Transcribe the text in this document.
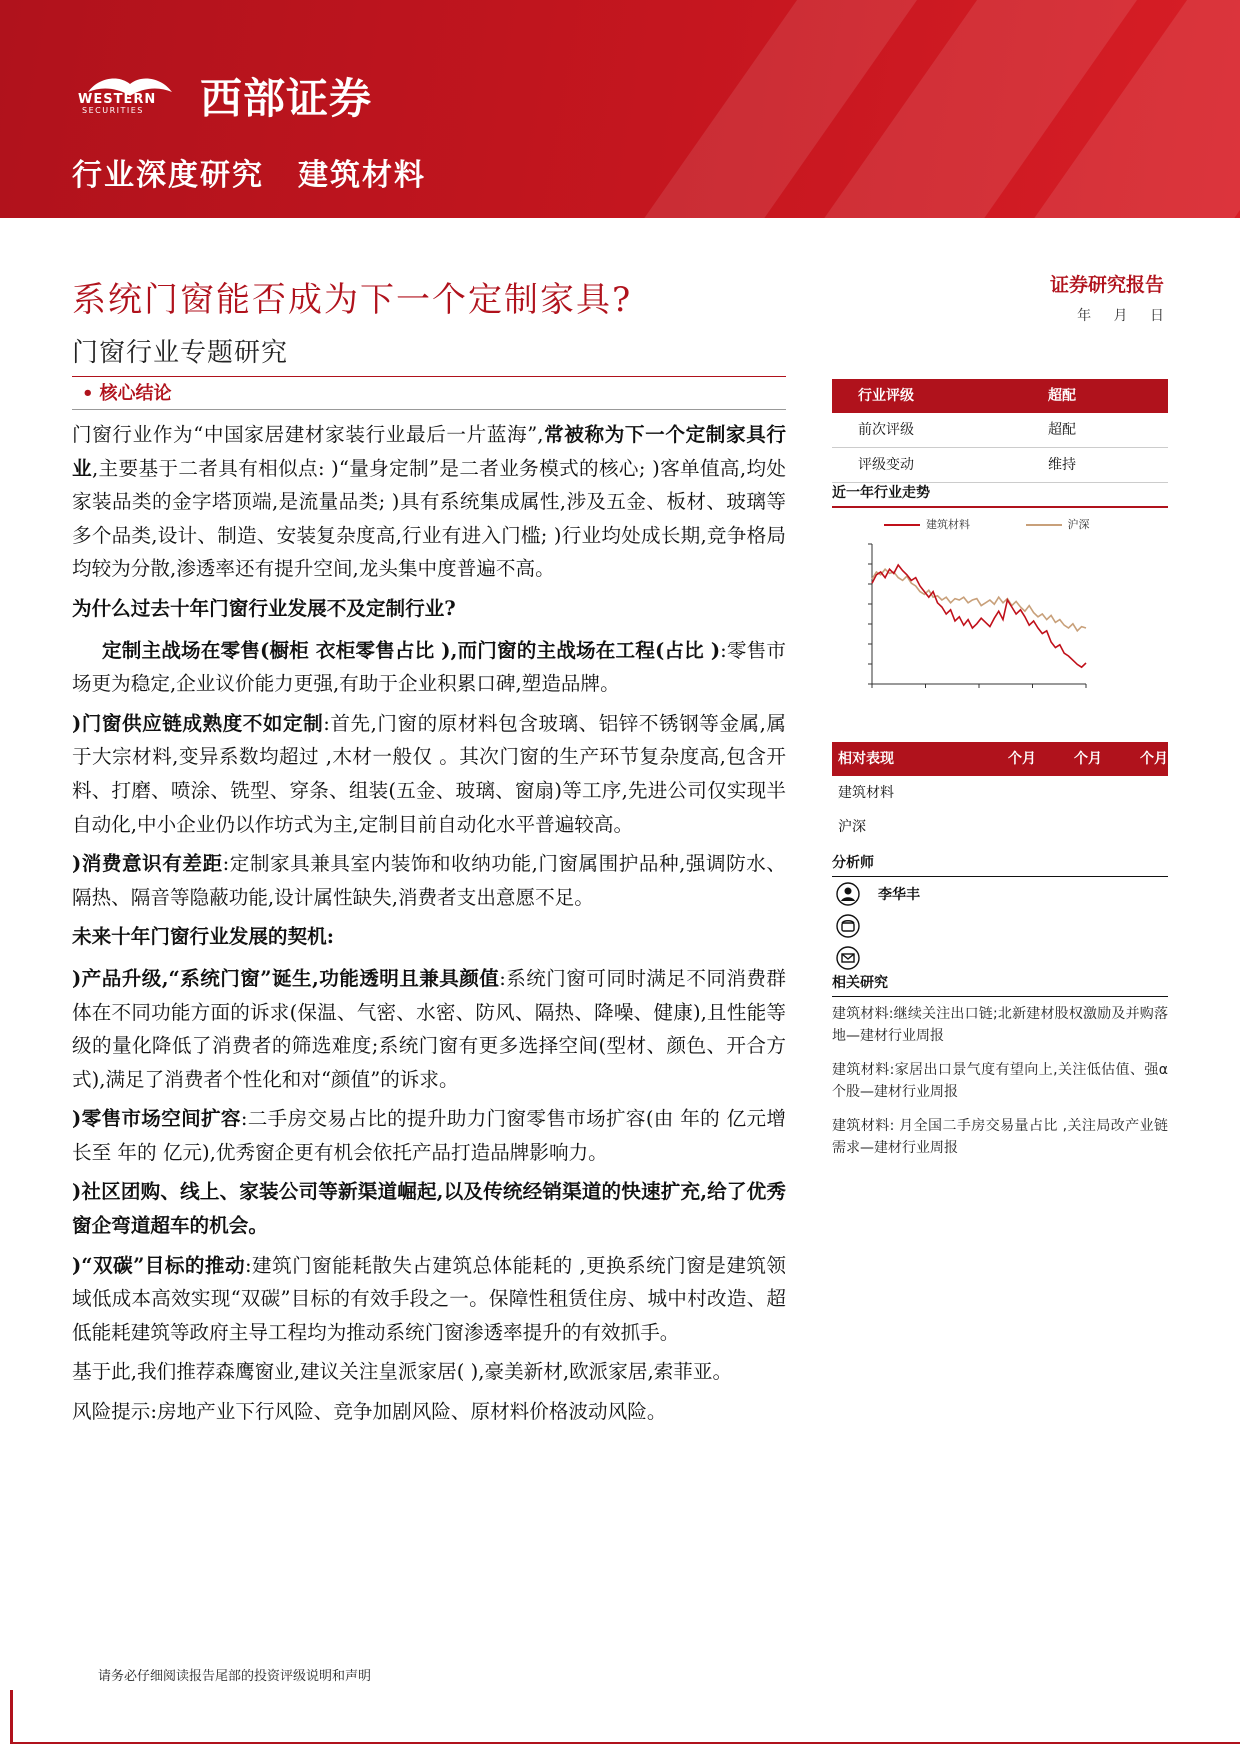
WESTERN
SECURITIES 西部证券
行业深度研究 建筑材料
证券研究报告
年 月 日
系统门窗能否成为下一个定制家具?
门窗行业专题研究
• 核心结论

门窗行业作为“中国家居建材家装行业最后一片蓝海”,常被称为下一个定制家具行业,主要基于二者具有相似点: )“量身定制”是二者业务模式的核心; )客单值高,均处家装品类的金字塔顶端,是流量品类; )具有系统集成属性,涉及五金、板材、玻璃等多个品类,设计、制造、安装复杂度高,行业有进入门槛; )行业均处成长期,竞争格局均较为分散,渗透率还有提升空间,龙头集中度普遍不高。

为什么过去十年门窗行业发展不及定制行业?

定制主战场在零售(橱柜 衣柜零售占比 ),而门窗的主战场在工程(占比 ):零售市场更为稳定,企业议价能力更强,有助于企业积累口碑,塑造品牌。

)门窗供应链成熟度不如定制:首先,门窗的原材料包含玻璃、铝锌不锈钢等金属,属于大宗材料,变异系数均超过 ,木材一般仅 。其次门窗的生产环节复杂度高,包含开料、打磨、喷涂、铣型、穿条、组装(五金、玻璃、窗扇)等工序,先进公司仅实现半自动化,中小企业仍以作坊式为主,定制目前自动化水平普遍较高。

)消费意识有差距:定制家具兼具室内装饰和收纳功能,门窗属围护品种,强调防水、隔热、隔音等隐蔽功能,设计属性缺失,消费者支出意愿不足。

未来十年门窗行业发展的契机:

)产品升级,“系统门窗”诞生,功能透明且兼具颜值:系统门窗可同时满足不同消费群体在不同功能方面的诉求(保温、气密、水密、防风、隔热、降噪、健康),且性能等级的量化降低了消费者的筛选难度;系统门窗有更多选择空间(型材、颜色、开合方式),满足了消费者个性化和对“颜值”的诉求。

)零售市场空间扩容:二手房交易占比的提升助力门窗零售市场扩容(由 年的 亿元增长至 年的 亿元),优秀窗企更有机会依托产品打造品牌影响力。

)社区团购、线上、家装公司等新渠道崛起,以及传统经销渠道的快速扩充,给了优秀窗企弯道超车的机会。

)“双碳”目标的推动:建筑门窗能耗散失占建筑总体能耗的 ,更换系统门窗是建筑领域低成本高效实现“双碳”目标的有效手段之一。保障性租赁住房、城中村改造、超低能耗建筑等政府主导工程均为推动系统门窗渗透率提升的有效抓手。

基于此,我们推荐森鹰窗业,建议关注皇派家居( ),豪美新材,欧派家居,索菲亚。

风险提示:房地产业下行风险、竞争加剧风险、原材料价格波动风险。

行业评级	超配
前次评级	超配
评级变动	维持
近一年行业走势
建筑材料	沪深
相对表现	个月	个月	个月
建筑材料
沪深
分析师
李华丰
相关研究
建筑材料:继续关注出口链;北新建材股权激励及并购落地—建材行业周报
建筑材料:家居出口景气度有望向上,关注低估值、强α个股—建材行业周报
建筑材料: 月全国二手房交易量占比 ,关注局改产业链需求—建材行业周报
请务必仔细阅读报告尾部的投资评级说明和声明
